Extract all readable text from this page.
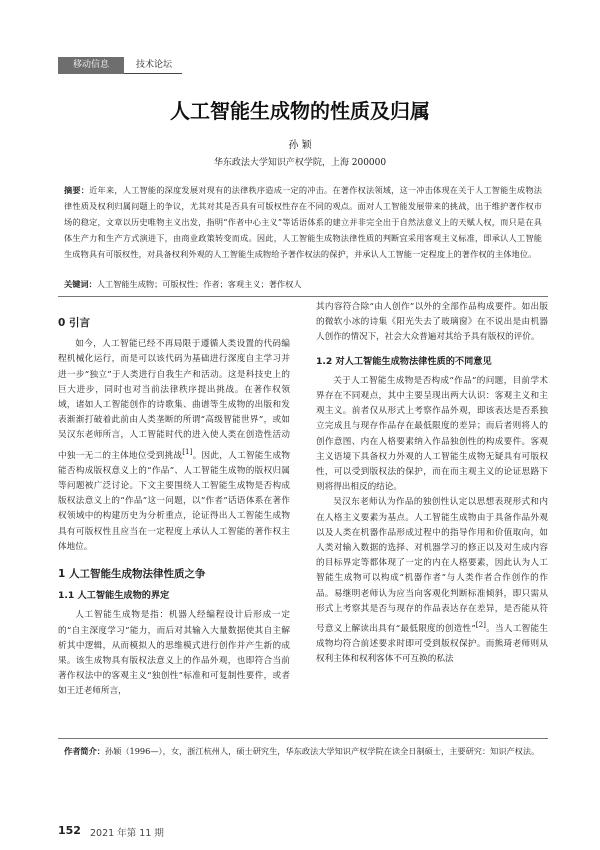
移动信息	技术论坛
人工智能生成物的性质及归属
孙 颖
华东政法大学知识产权学院，上海 200000
摘要：近年来，人工智能的深度发展对现有的法律秩序造成一定的冲击。在著作权法领域，这一冲击体现在关于人工智能生成物法律性质及权利归属问题上的争议，尤其对其是否具有可版权性存在不同的观点。面对人工智能发展带来的挑战，出于维护著作权市场的稳定，文章以历史唯物主义出发，指明“作者中心主义”等话语体系的建立并非完全出于自然法意义上的天赋人权，而只是在具体生产力和生产方式演进下，由商业政策转变而成。因此，人工智能生成物法律性质的判断宜采用客观主义标准，即承认人工智能生成物具有可版权性，对具备权利外观的人工智能生成物给予著作权法的保护，并承认人工智能一定程度上的著作权的主体地位。
关键词：人工智能生成物；可版权性；作者；客观主义；著作权人
0 引言

如今，人工智能已经不再局限于遵循人类设置的代码编程机械化运行，而是可以该代码为基础进行深度自主学习并进一步“独立”于人类进行自我生产和活动。这是科技史上的巨大进步，同时也对当前法律秩序提出挑战。在著作权领域，诸如人工智能创作的诗歌集、曲谱等生成物的出版和发表渐渐打破着此前由人类垄断的所谓“高级智能世界”，或如吴汉东老师所言，人工智能时代的进入使人类在创造性活动中独一无二的主体地位受到挑战[1]。因此，人工智能生成物能否构成版权意义上的“作品”、人工智能生成物的版权归属等问题被广泛讨论。下文主要围绕人工智能生成物是否构成版权法意义上的“作品”这一问题，以“作者”话语体系在著作权领域中的构建历史为分析重点，论证得出人工智能生成物具有可版权性且应当在一定程度上承认人工智能的著作权主体地位。

1 人工智能生成物法律性质之争
1.1 人工智能生成物的界定

人工智能生成物是指：机器人经编程设计后形成一定的“自主深度学习”能力，而后对其输入大量数据使其自主解析其中逻辑，从而模拟人的思维模式进行创作并产生新的成果。该生成物具有版权法意义上的作品外观，也即符合当前著作权法中的客观主义“独创性”标准和可复制性要件，或者如王迁老师所言，

其内容符合除“由人创作”以外的全部作品构成要件。如出版的微软小冰的诗集《阳光失去了玻璃窗》在不说出是由机器人创作的情况下，社会大众普遍对其给予具有版权的评价。

1.2 对人工智能生成物法律性质的不同意见

关于人工智能生成物是否构成“作品”的问题，目前学术界存在不同观点，其中主要呈现出两大认识：客观主义和主观主义。前者仅从形式上考察作品外观，即该表达是否系独立完成且与现存作品存在最低限度的差异；而后者则将人的创作意图、内在人格要素纳入作品独创性的构成要件。客观主义语境下具备权力外观的人工智能生成物无疑具有可版权性，可以受到版权法的保护，而在而主观主义的论证思路下则将得出相反的结论。

吴汉东老师认为作品的独创性认定以思想表现形式和内在人格主义要素为基点。人工智能生成物由于具备作品外观以及人类在机器作品形成过程中的指导作用和价值取向，如人类对输入数据的选择、对机器学习的修正以及对生成内容的目标界定等都体现了一定的内在人格要素，因此认为人工智能生成物可以构成“机器作者”与人类作者合作创作的作品。易继明老师认为应当向客观化判断标准倾斜，即只需从形式上考察其是否与现存的作品表达存在差异，是否能从符号意义上解读出具有“最低限度的创造性”[2]。当人工智能生成物均符合前述要求时即可受到版权保护。而熊琦老师则从权利主体和权利客体不可互换的私法

作者简介：孙颖（1996—），女，浙江杭州人，硕士研究生，华东政法大学知识产权学院在读全日制硕士，主要研究：知识产权法。
152 2021 年第 11 期
